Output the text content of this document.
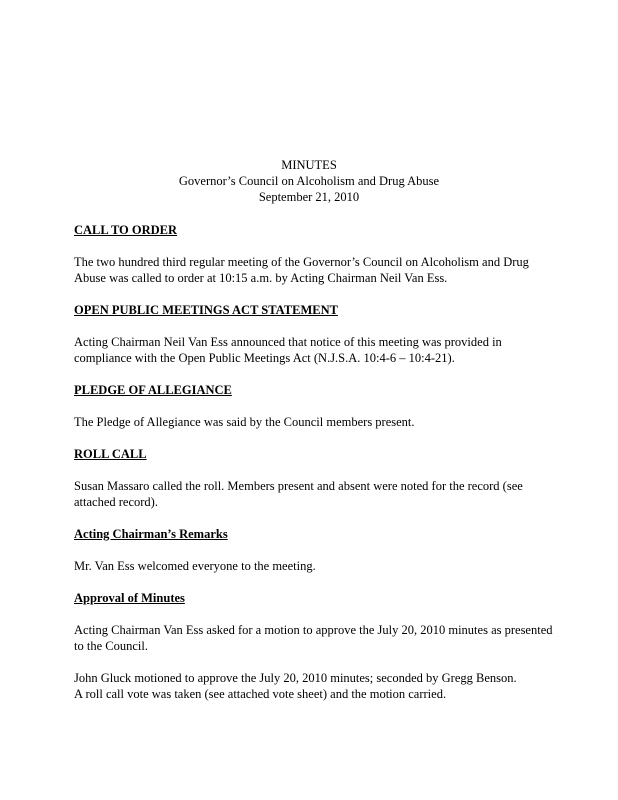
MINUTES
Governor’s Council on Alcoholism and Drug Abuse
September 21, 2010
CALL TO ORDER
The two hundred third regular meeting of the Governor’s Council on Alcoholism and Drug
Abuse was called to order at 10:15 a.m. by Acting Chairman Neil Van Ess.
OPEN PUBLIC MEETINGS ACT STATEMENT
Acting Chairman Neil Van Ess announced that notice of this meeting was provided in
compliance with the Open Public Meetings Act (N.J.S.A. 10:4-6 – 10:4-21).
PLEDGE OF ALLEGIANCE
The Pledge of Allegiance was said by the Council members present.
ROLL CALL
Susan Massaro called the roll. Members present and absent were noted for the record (see
attached record).
Acting Chairman’s Remarks
Mr. Van Ess welcomed everyone to the meeting.
Approval of Minutes
Acting Chairman Van Ess asked for a motion to approve the July 20, 2010 minutes as presented
to the Council.
John Gluck motioned to approve the July 20, 2010 minutes; seconded by Gregg Benson.
A roll call vote was taken (see attached vote sheet) and the motion carried.
